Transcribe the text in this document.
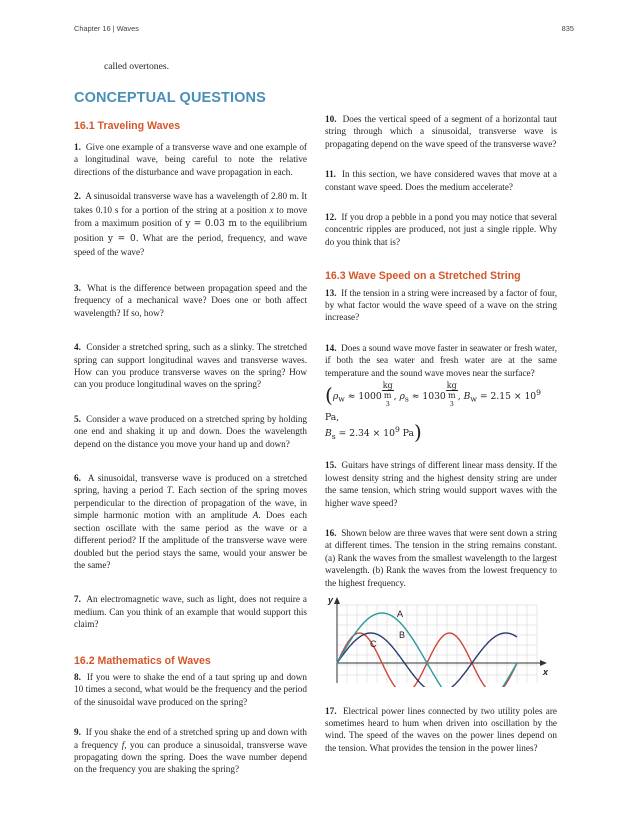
Chapter 16 | Waves	835
called overtones.
CONCEPTUAL QUESTIONS
16.1 Traveling Waves

1. Give one example of a transverse wave and one example of a longitudinal wave, being careful to note the relative directions of the disturbance and wave propagation in each.

2. A sinusoidal transverse wave has a wavelength of 2.80 m. It takes 0.10 s for a portion of the string at a position x to move from a maximum position of y = 0.03 m to the equilibrium position y = 0. What are the period, frequency, and wave speed of the wave?

3. What is the difference between propagation speed and the frequency of a mechanical wave? Does one or both affect wavelength? If so, how?

4. Consider a stretched spring, such as a slinky. The stretched spring can support longitudinal waves and transverse waves. How can you produce transverse waves on the spring? How can you produce longitudinal waves on the spring?

5. Consider a wave produced on a stretched spring by holding one end and shaking it up and down. Does the wavelength depend on the distance you move your hand up and down?

6. A sinusoidal, transverse wave is produced on a stretched spring, having a period T. Each section of the spring moves perpendicular to the direction of propagation of the wave, in simple harmonic motion with an amplitude A. Does each section oscillate with the same period as the wave or a different period? If the amplitude of the transverse wave were doubled but the period stays the same, would your answer be the same?

7. An electromagnetic wave, such as light, does not require a medium. Can you think of an example that would support this claim?

16.2 Mathematics of Waves

8. If you were to shake the end of a taut spring up and down 10 times a second, what would be the frequency and the period of the sinusoidal wave produced on the spring?

9. If you shake the end of a stretched spring up and down with a frequency f, you can produce a sinusoidal, transverse wave propagating down the spring. Does the wave number depend on the frequency you are shaking the spring?

10. Does the vertical speed of a segment of a horizontal taut string through which a sinusoidal, transverse wave is propagating depend on the wave speed of the transverse wave?

11. In this section, we have considered waves that move at a constant wave speed. Does the medium accelerate?

12. If you drop a pebble in a pond you may notice that several concentric ripples are produced, not just a single ripple. Why do you think that is?

16.3 Wave Speed on a Stretched String

13. If the tension in a string were increased by a factor of four, by what factor would the wave speed of a wave on the string increase?

14. Does a sound wave move faster in seawater or fresh water, if both the sea water and fresh water are at the same temperature and the sound wave moves near the surface?

($\rho_w \approx 1000$ kg
m
$^3$ , $\rho_s \approx 1030$ kg
m
$^3$ , $B_w = 2.15 \times 10^9$ Pa,
$B_s = 2.34 \times 10^9$ Pa)

15. Guitars have strings of different linear mass density. If the lowest density string and the highest density string are under the same tension, which string would support waves with the higher wave speed?

16. Shown below are three waves that were sent down a string at different times. The tension in the string remains constant. (a) Rank the waves from the smallest wavelength to the largest wavelength. (b) Rank the waves from the lowest frequency to the highest frequency.

y
x
A
B
C

17. Electrical power lines connected by two utility poles are sometimes heard to hum when driven into oscillation by the wind. The speed of the waves on the power lines depend on the tension. What provides the tension in the power lines?
